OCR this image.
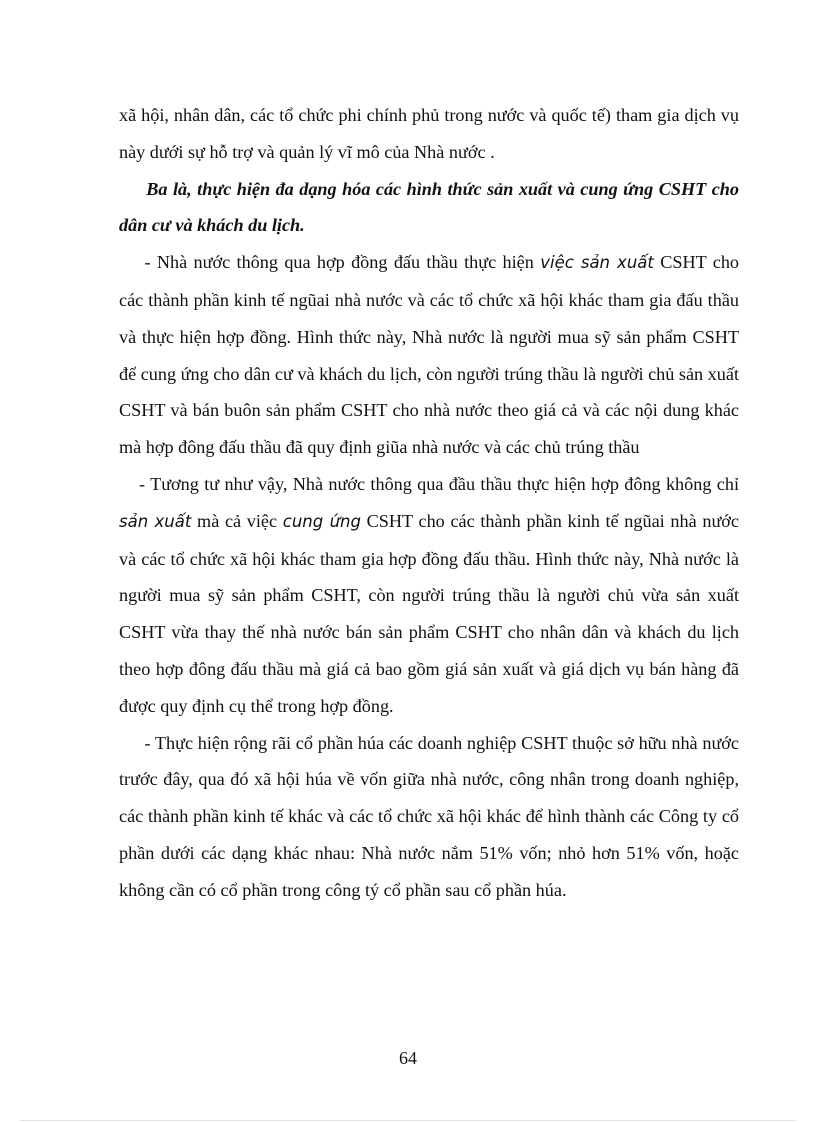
xã hội, nhân dân, các tổ chức phi chính phủ trong nước và quốc tế) tham gia dịch vụ này dưới sự hỗ trợ và quản lý vĩ mô của Nhà nước .

Ba là, thực hiện đa dạng hóa các hình thức sản xuất và cung ứng CSHT cho dân cư và khách du lịch.

- Nhà nước thông qua hợp đồng đấu thầu thực hiện việc sản xuất CSHT cho các thành phần kinh tế ngũai nhà nước và các tổ chức xã hội khác tham gia đấu thầu và thực hiện hợp đồng. Hình thức này, Nhà nước là người mua sỹ sản phẩm CSHT để cung ứng cho dân cư và khách du lịch, còn người trúng thầu là người chủ sản xuất CSHT và bán buôn sản phẩm CSHT cho nhà nước theo giá cả và các nội dung khác mà hợp đông đấu thầu đã quy định giũa nhà nước và các chủ trúng thầu

- Tương tư như vậy, Nhà nước thông qua đầu thầu thực hiện hợp đông không chỉ sản xuất mà cả việc cung ứng CSHT cho các thành phần kinh tế ngũai nhà nước và các tổ chức xã hội khác tham gia hợp đồng đấu thầu. Hình thức này, Nhà nước là người mua sỹ sản phẩm CSHT, còn người trúng thầu là người chủ vừa sản xuất CSHT vừa thay thế nhà nước bán sản phẩm CSHT cho nhân dân và khách du lịch theo hợp đông đấu thầu mà giá cả bao gồm giá sản xuất và giá dịch vụ bán hàng đã được quy định cụ thể trong hợp đồng.

- Thực hiện rộng rãi cổ phần húa các doanh nghiệp CSHT thuộc sở hữu nhà nước trước đây, qua đó xã hội húa về vốn giữa nhà nước, công nhân trong doanh nghiệp, các thành phần kinh tế khác và các tổ chức xã hội khác để hình thành các Công ty cổ phần dưới các dạng khác nhau: Nhà nước nắm 51% vốn; nhỏ hơn 51% vốn, hoặc không cần có cổ phần trong công tý cổ phần sau cổ phần húa.

64
